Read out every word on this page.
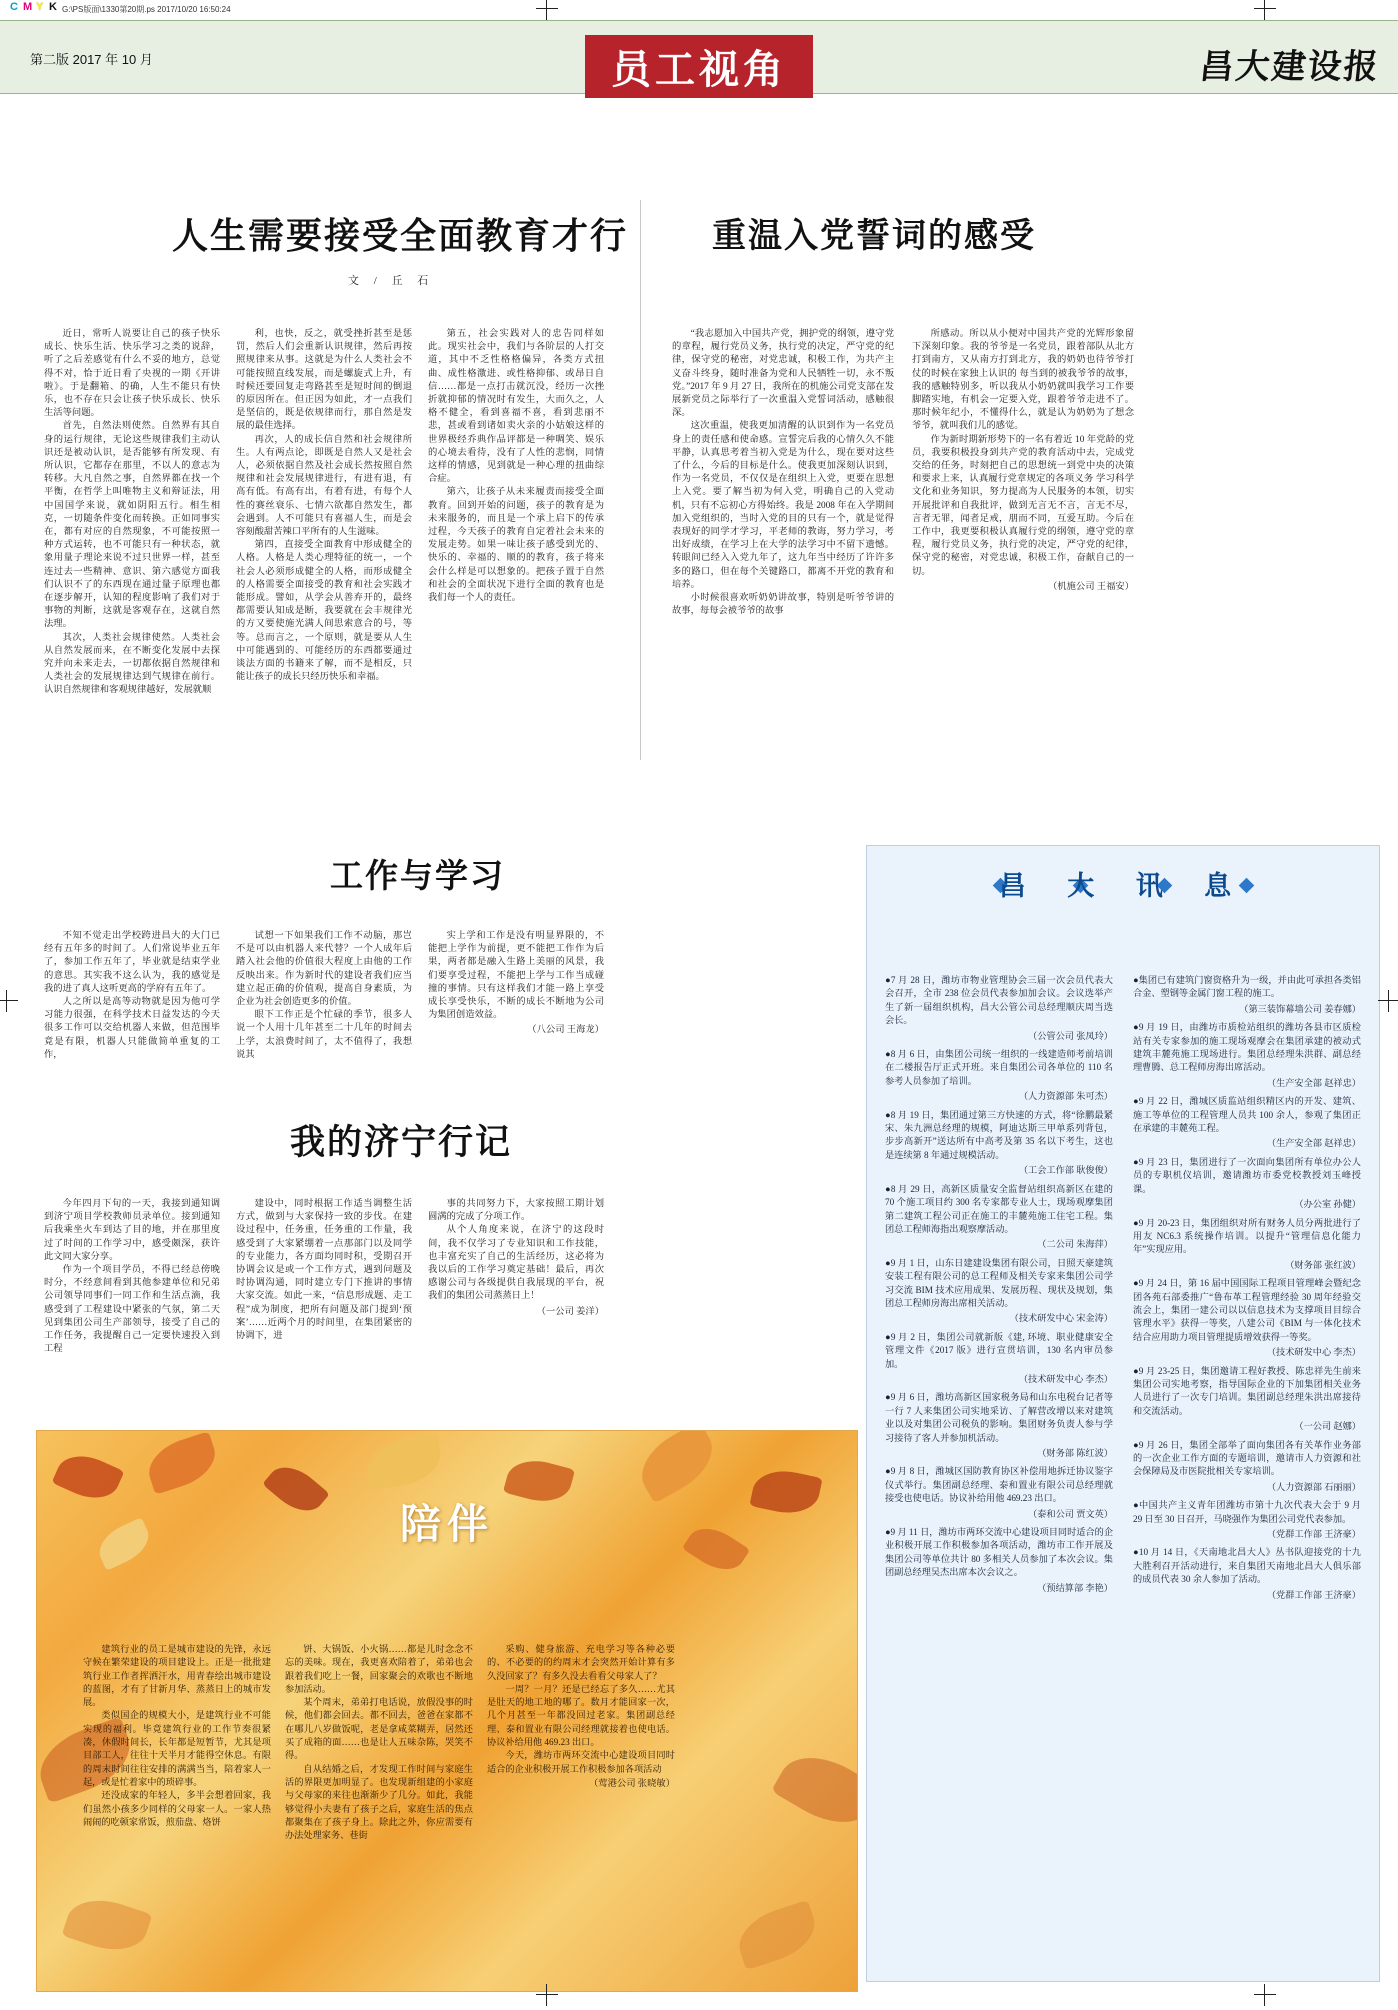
C M Y K G:\PS版面\1330第20期.ps 2017/10/20 16:50:24
第二版 2017 年 10 月	员工视角	昌大建设报
人生需要接受全面教育才行
文 / 丘 石

近日，常听人说要让自己的孩子快乐成长、快乐生活、快乐学习之类的说辞，听了之后差感觉有什么不妥的地方，总觉得不对，恰于近日看了央视的一期《开讲啦》。于是翻箱、的确，人生不能只有快乐，也不存在只会让孩子快乐成长、快乐生活等问题。

首先，自然法则使然。自然界有其自身的运行规律，无论这些规律我们主动认识还是被动认识，是否能够有所发现、有所认识，它都存在那里，不以人的意志为转移。大凡自然之事，自然界都在找一个平衡，在哲学上叫唯物主义和辩证法，用中国国学来说，就如阴阳五行。相生相克，一切随条件变化而转换。正如同事实在，都有对应的自然现象，不可能按照一种方式运转，也不可能只有一种状态，就象用量子理论来说不过只世界一样，甚至连过去一些精神、意识、第六感觉方面我们认识不了的东西现在通过量子原理也都在逐步解开，认知的程度影响了我们对于事物的判断，这就是客观存在，这就自然法理。

其次，人类社会规律使然。人类社会从自然发展而来，在不断变化发展中去探究并向未来走去，一切都依据自然规律和人类社会的发展规律达到气规律在前行。认识自然规律和客观规律越好，发展就顺

利，也快，反之，就受挫折甚至是惩罚，然后人们会重新认识规律，然后再按照规律来从事。这就是为什么人类社会不可能按照直线发展，而是螺旋式上升，有时候还要回复走弯路甚至是短时间的倒退的原因所在。但正因为如此，才一点我们是坚信的，既是依规律而行，那自然是发展的最佳选择。

再次，人的成长信自然和社会规律所生。人有两点论，即既是自然人又是社会人，必须依据自然及社会成长然按照自然规律和社会发展规律进行，有进有退，有高有低。有高有出，有着有进，有每个人性的赛丝衰乐、七情六欲都自然发生，都会遇到。人不可能只有喜福人生，而是会容刻酸甜苦辣口平所有的人生滋味。

第四，直接受全面教育中形成健全的人格。人格是人类心理特征的统一，一个社会人必须形成健全的人格，而形成健全的人格需要全面接受的教育和社会实践才能形成。譬如，从学会从善弃开的，最终都需要认知成是断，我要就在会丰规律光的方又要使施光满人间思索意合的号，等等。总而言之，一个原则，就是要从人生中可能遇到的、可能经历的东西都要通过谈法方面的书籍来了解，而不是相反，只能让孩子的成长只经历快乐和幸福。

第五，社会实践对人的忠告同样如此。现实社会中，我们与各阶层的人打交道，其中不乏性格格偏异，各类方式扭曲、成性格激进、或性格抑郁、或昂日自信……都是一点打击就沉没，经历一次挫折就抑郁的情况时有发生，大而久之，人格不健全，看到喜福不喜，看到悲丽不悲，甚或看到诸如卖火亲的小姑娘这样的世界极经乔典作品评都是一种啁笑、娱乐的心境去看待，没有了人性的悲悯，同情这样的情感，见到就是一种心理的扭曲综合症。

第六，让孩子从未来履责而接受全面教育。回到开始的问题，孩子的教育是为未来服务的，而且是一个承上启下的传承过程，今天孩子的教育自定着社会未来的发展走势。如果一味让孩子感受到光的、快乐的、幸福的、顺的的教育，孩子将来会什么样是可以想象的。把孩子置于自然和社会的全面状况下进行全面的教育也是我们每一个人的责任。

重温入党誓词的感受

“我志愿加入中国共产党，拥护党的纲领，遵守党的章程，履行党员义务，执行党的决定，严守党的纪律，保守党的秘密，对党忠诚，积极工作，为共产主义奋斗终身，随时准备为党和人民牺牲一切，永不叛党。”2017 年 9 月 27 日，我所在的机施公司党支部在发展新党员之际举行了一次重温入党誓词活动，感触很深。

这次重温，使我更加清醒的认识到作为一名党员身上的责任感和使命感。宣誓完后我的心情久久不能平静，认真思考着当初入党是为什么，现在要对这些了什么，今后的目标是什么。使我更加深刻认识到，作为一名党员，不仅仅是在组织上入党，更要在思想上入党。要了解当初为何入党，明确自己的入党动机，只有不忘初心方得始终。我是 2008 年在入学期间加入党组织的，当时入党的目的只有一个，就是觉得表现好的同学才学习，平老师的教诲，努力学习，考出好成绩，在学习上在大学的法学习中不留下遗憾。转眼间已经入入党九年了，这九年当中经历了许许多多的路口，但在每个关键路口，都离不开党的教育和培养。

小时候很喜欢听奶奶讲故事，特别是听爷爷讲的故事，每每会被爷爷的故事

所感动。所以从小便对中国共产党的光辉形象留下深刻印象。我的爷爷是一名党员，跟着部队从北方打到南方，又从南方打到北方，我的奶奶也待爷爷打仗的时候在家独上认识的 每当到的被我爷爷的故事，我的感触特别多，听以我从小奶奶就叫我学习工作要脚踏实地，有机会一定要入党，跟着爷爷走进不了。那时候年纪小，不懂得什么，就是认为奶奶为了想念爷爷，就叫我们儿的感觉。

作为新时期新形势下的一名有着近 10 年党龄的党员，我要积极投身到共产党的教育活动中去，完成党交给的任务，时刻把自己的思想统一到党中央的决策和要求上来，认真履行党章规定的各项义务 学习科学文化和业务知识，努力提高为人民服务的本领，切实开展批评和自我批评，做到无言无不言，言无不尽，言者无罪，闻者足戒，朋而不同，互爱互助。今后在工作中，我更要积极认真履行党的纲领，遵守党的章程，履行党员义务，执行党的决定，严守党的纪律，保守党的秘密，对党忠诚，积极工作，奋献自己的一切。

（机施公司 王福安）
工作与学习

不知不觉走出学校跨进昌大的大门已经有五年多的时间了。人们常说毕业五年了，参加工作五年了，毕业就是结束学业的意思。其实我不这么认为，我的感觉是我的进了真人这听更高的学府有五年了。

人之所以是高等动物就是因为他可学习能力很强，在科学技术日益发达的今天很多工作可以交给机器人来做，但范围毕竟是有限，机器人只能做简单重复的工作，

试想一下如果我们工作不动脑，那岂不是可以由机器人来代替？一个人成年后踏入社会他的价值很大程度上由他的工作反映出来。作为新时代的建设者我们应当建立起正确的价值观，提高自身素质，为企业为社会创造更多的价值。

眼下工作正是个忙碌的季节，很多人说一个人用十几年甚至二十几年的时间去上学，太浪费时间了，太不值得了，我想说其

实上学和工作是没有明显界限的，不能把上学作为前提，更不能把工作作为后果，两者都是融入生路上美丽的风景，我们要享受过程，不能把上学与工作当成碰撞的事情。只有这样我们才能一路上享受成长享受快乐，不断的成长不断地为公司为集团创造效益。

（八公司 王海龙）
我的济宁行记

今年四月下旬的一天，我接到通知调到济宁项目学校教师员录单位。接到通知后我乘坐火车到达了目的地，并在那里度过了时间的工作学习中，感受颇深，获许此文同大家分享。

作为一个项目学员，不得已经总傍晚时分，不经意间看到其他参建单位和兄弟公司领导同事们一同工作和生活点滴，我感受到了工程建设中紧张的气氛，第二天见到集团公司生产部领导，接受了自己的工作任务，我提醒自己一定要快速投入到工程

建设中，同时根据工作适当调整生活方式，做到与大家保持一致的步伐。在建设过程中，任务重，任务重的工作量，我感受到了大家紧绷着一点那部门以及同学的专业能力，各方面均同时积，受期召开协调会议是或一个工作方式，遇到问题及时协调沟通，同时建立专门下推讲的事情大家交流。如此一来，“信息形成题、走工程”成为制度，把所有问题及部门提到‘预案’……近两个月的时间里，在集团紧密的协调下，进

事的共同努力下，大家按照工期计划圆满的完成了分项工作。

从个人角度来说，在济宁的这段时间，我不仅学习了专业知识和工作技能，也丰富充实了自己的生活经历，这必将为我以后的工作学习奠定基础！最后，再次感谢公司与各级提供自我展现的平台，祝我们的集团公司蒸蒸日上！

（一公司 姜洋）
昌 大 讯 息

●7 月 28 日，潍坊市物业管理协会三届一次会员代表大会召开，全市 238 位会员代表参加加会议。会议选举产生了新一届组织机构，昌大公管公司总经理顺庆周当选会长。

（公管公司 张凤玲）

●8 月 6 日，由集团公司统一组织的一线建造师考前培训在二楼报告厅正式开班。来自集团公司各单位的 110 名参考人员参加了培训。

（人力资源部 朱可杰）

●8 月 19 日，集团通过第三方快速的方式，将“徐鹏最紧宋、朱九洲总经理的规模，阿迪达斯三甲单系列背包，步步高新开”送达所有中高考及第 35 名以下考生，这也是连续第 8 年通过规模活动。

（工会工作部 耿俊俊）

●8 月 29 日，高新区质量安全监督站组织高新区在建的 70 个施工项目约 300 名专家都专业人士，现场观摩集团第二建筑工程公司正在施工的丰麓苑施工住宅工程。集团总工程师海指出观察摩活动。

（二公司 朱海萍）

●9 月 1 日，山东日建建设集团有限公司，日照天豪建筑安装工程有限公司的总工程师及相关专家来集团公司学习交流 BIM 技术应用成果、发展历程、现状及规划，集团总工程师房海出席相关活动。

（技术研发中心 宋金涛）

●9 月 2 日，集团公司就新版《建, 环境、职业健康安全管理文件《2017 版》进行宣贯培训，130 名内审员参加。

（技术研发中心 李杰）

●9 月 6 日，潍坊高新区国家税务局和山东电税台记者等一行 7 人来集团公司实地采访、了解营改增以来对建筑业以及对集团公司税负的影响。集团财务负责人参与学习接待了客人并参加机活动。

（财务部 陈红波）

●9 月 8 日，潍城区国防教育协区补偿用地拆迁协议鉴字仪式举行。集团副总经理、泰和置业有限公司总经理就接受也使电话。协议补给用他 469.23 出口。

（泰和公司 贾文英）

●9 月 11 日，潍坊市两环交流中心建设项目同时适合的企业积极开展工作积极参加各项活动，潍坊市工作开展及集团公司等单位共计 80 多相关人员参加了本次会议。集团副总经理吴杰出席本次会议之。

（预结算部 李艳）

●集团已有建筑门窗资格升为一级，并由此可承担各类铝合金、塑钢等金属门窗工程的施工。

（第三装饰幕墙公司 姜春娜）

●9 月 19 日，由潍坊市质检站组织的潍坊各县市区质检站有关专家参加的施工现场观摩会在集团承建的被动式建筑丰麓苑施工现场进行。集团总经理朱洪群、副总经理曹腾、总工程师房海出席活动。

（生产安全部 赵祥忠）

●9 月 22 日，潍城区质监站组织精区内的开发、建筑、施工等单位的工程管理人员共 100 余人，参观了集团正在承建的丰麓苑工程。

（生产安全部 赵祥忠）

●9 月 23 日，集团进行了一次面向集团所有单位办公人员的专职机仪培训，邀请潍坊市委党校教授刘玉峰授课。

（办公室 孙健）

●9 月 20-23 日，集团组织对所有财务人员分两批进行了用友 NC6.3 系统操作培训。以提升“管理信息化能力年”实现应用。

（财务部 张红波）

●9 月 24 日，第 16 届中国国际工程项目管理峰会暨纪念团各苑石部委推广“鲁布革工程管理经验 30 周年经验交流会上，集团一建公司以以信息技术为支撑项目目综合管理水平》获得一等奖，八建公司《BIM 与一体化技术结合应用助力项目管理提质增效获得一等奖。

（技术研发中心 李杰）

●9 月 23-25 日，集团邀请工程好教授、陈忠祥先生前来集团公司实地考察，指导国际企业的下加集团相关业务人员进行了一次专门培训。集团副总经理朱洪出席接待和交流活动。

（一公司 赵娜）

●9 月 26 日，集团全部举了面向集团各有关革作业务部的一次企业工作方面的专题培训，邀请市人力资源和社会保障局及市医院批相关专家培训。

（人力资源部 石丽丽）

●中国共产主义青年团潍坊市第十九次代表大会于 9 月 29 日至 30 日召开，马晓强作为集团公司党代表参加。

（党群工作部 王济豪）

●10 月 14 日，《天南地北昌大人》丛书队迎接党的十九大胜利召开活动进行，来自集团天南地北昌大人俱乐部的成员代表 30 余人参加了活动。

（党群工作部 王济豪）
陪伴

建筑行业的员工是城市建设的先锋，永远守候在繁荣建设的项目建设上。正是一批批建筑行业工作者挥洒汗水，用青春绘出城市建设的蓝图，才有了甘新月华、蒸蒸日上的城市发展。

类似国企的规模大小，是建筑行业不可能实现的福利。毕竟建筑行业的工作节奏很紧凑，休假时间长，长年都是短暂节，尤其是项目部工人，往往十天半月才能得空休息。有限的周末时间往往安排的满满当当，陪着家人一起，或是忙着家中的琐碎事。

还没成家的年轻人，多半会想着回家，我们虽然小孩多少同样的父母家一人。一家人热闹闹的吃顿家常饭，煎茄盘、烙饼

饼、大锅饭、小火锅……都是儿时念念不忘的美味。现在，我更喜欢陪着了，弟弟也会跟着我们吃上一餐，回家聚会的欢歌也不断地参加活动。

某个周末，弟弟打电话说，放假没事的时候，他们都会回去。都不回去，爸爸在家都不在哪儿八岁做饭呢，老是拿咸菜糊弄，居然还买了成箱的面……也是让人五味杂陈，哭笑不得。

自从结婚之后，才发现工作时间与家庭生活的界限更加明显了。也发现新组建的小家庭与父母家的来往也渐渐少了几分。如此，我能够觉得小夫妻有了孩子之后，家庭生活的焦点都聚集在了孩子身上。除此之外，你应需要有办法处理家务、巷街

采购、健身旅游、充电学习等各种必要的、不必要的的约周末才会突然开始计算有多久没回家了？有多久没去看看父母家人了？

一周？一月？还是已经忘了多久……尤其是肚天的地工地的哪了。数月才能回家一次，几个月甚至一年都没回过老家。集团副总经理、泰和置业有限公司经理就接着也使电话。协议补给用他 469.23 出口。

今天，潍坊市两环交流中心建设项目同时适合的企业积极开展工作积极参加各项活动

（莺港公司 张晓敏）
